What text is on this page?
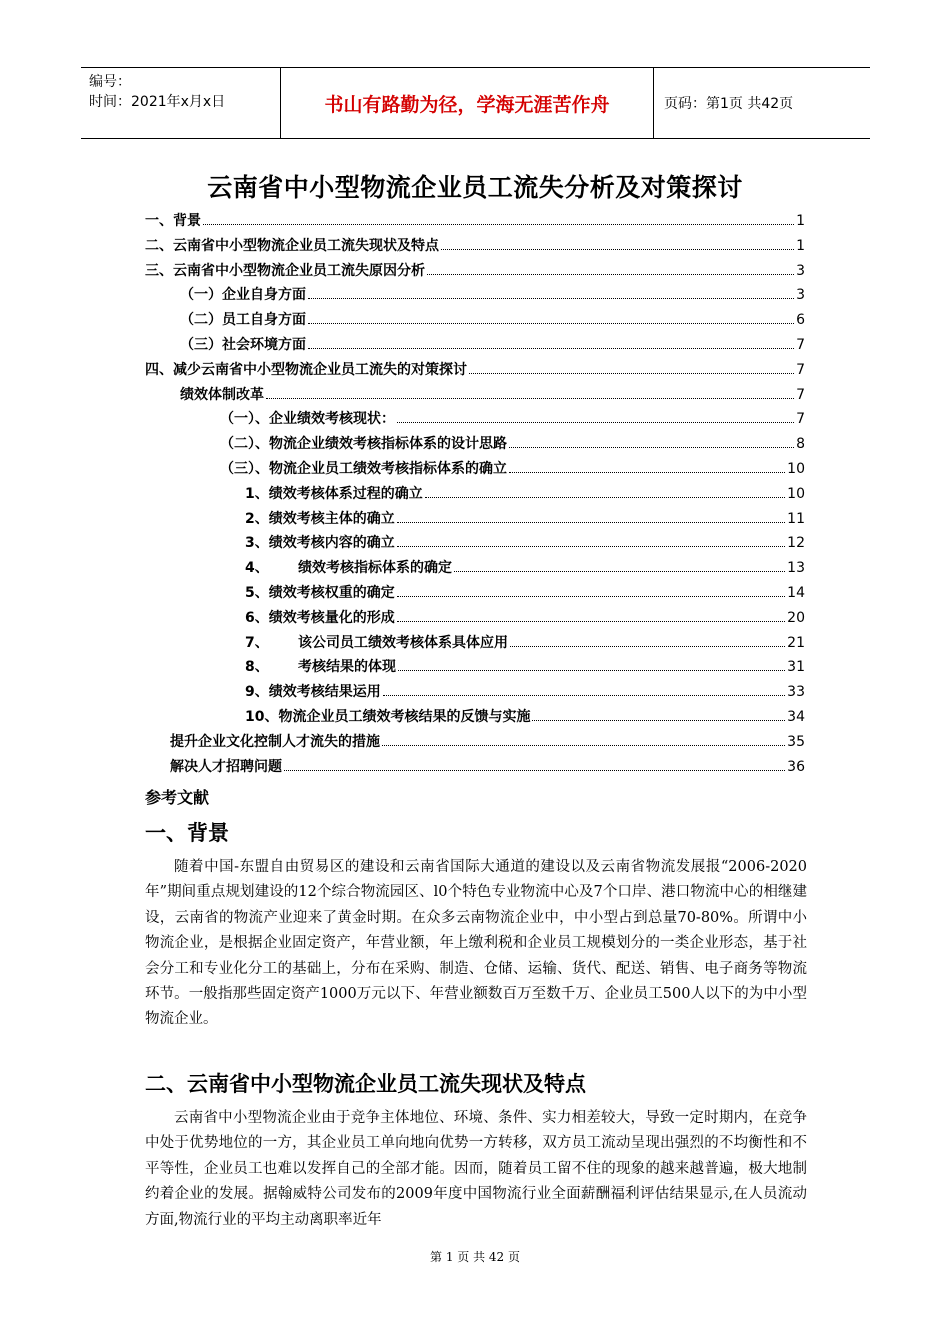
编号：
时间：2021年x月x日	书山有路勤为径，学海无涯苦作舟	页码：第1页 共42页
云南省中小型物流企业员工流失分析及对策探讨
一、背景	1
二、云南省中小型物流企业员工流失现状及特点	1
三、云南省中小型物流企业员工流失原因分析	3
（一）企业自身方面	3
（二）员工自身方面	6
（三）社会环境方面	7
四、减少云南省中小型物流企业员工流失的对策探讨	7
绩效体制改革	7
（一）、企业绩效考核现状：	7
（二）、物流企业绩效考核指标体系的设计思路	8
（三）、物流企业员工绩效考核指标体系的确立	10
1、绩效考核体系过程的确立	10
2、绩效考核主体的确立	11
3、绩效考核内容的确立	12
4、      绩效考核指标体系的确定	13
5、绩效考核权重的确定	14
6、绩效考核量化的形成	20
7、      该公司员工绩效考核体系具体应用	21
8、      考核结果的体现	31
9、绩效考核结果运用	33
10、物流企业员工绩效考核结果的反馈与实施	34
提升企业文化控制人才流失的措施	35
解决人才招聘问题	36
参考文献
一、背景
随着中国-东盟自由贸易区的建设和云南省国际大通道的建设以及云南省物流发展报“2006-2020年”期间重点规划建设的12个综合物流园区、l0个特色专业物流中心及7个口岸、港口物流中心的相继建设，云南省的物流产业迎来了黄金时期。在众多云南物流企业中，中小型占到总量70-80%。所谓中小物流企业，是根据企业固定资产，年营业额，年上缴利税和企业员工规模划分的一类企业形态，基于社会分工和专业化分工的基础上，分布在采购、制造、仓储、运输、货代、配送、销售、电子商务等物流环节。一般指那些固定资产1000万元以下、年营业额数百万至数千万、企业员工500人以下的为中小型物流企业。
二、云南省中小型物流企业员工流失现状及特点
云南省中小型物流企业由于竞争主体地位、环境、条件、实力相差较大，导致一定时期内，在竞争中处于优势地位的一方，其企业员工单向地向优势一方转移，双方员工流动呈现出强烈的不均衡性和不平等性，企业员工也难以发挥自己的全部才能。因而，随着员工留不住的现象的越来越普遍，极大地制约着企业的发展。据翰威特公司发布的2009年度中国物流行业全面薪酬福利评估结果显示,在人员流动方面,物流行业的平均主动离职率近年
第 1 页 共 42 页
